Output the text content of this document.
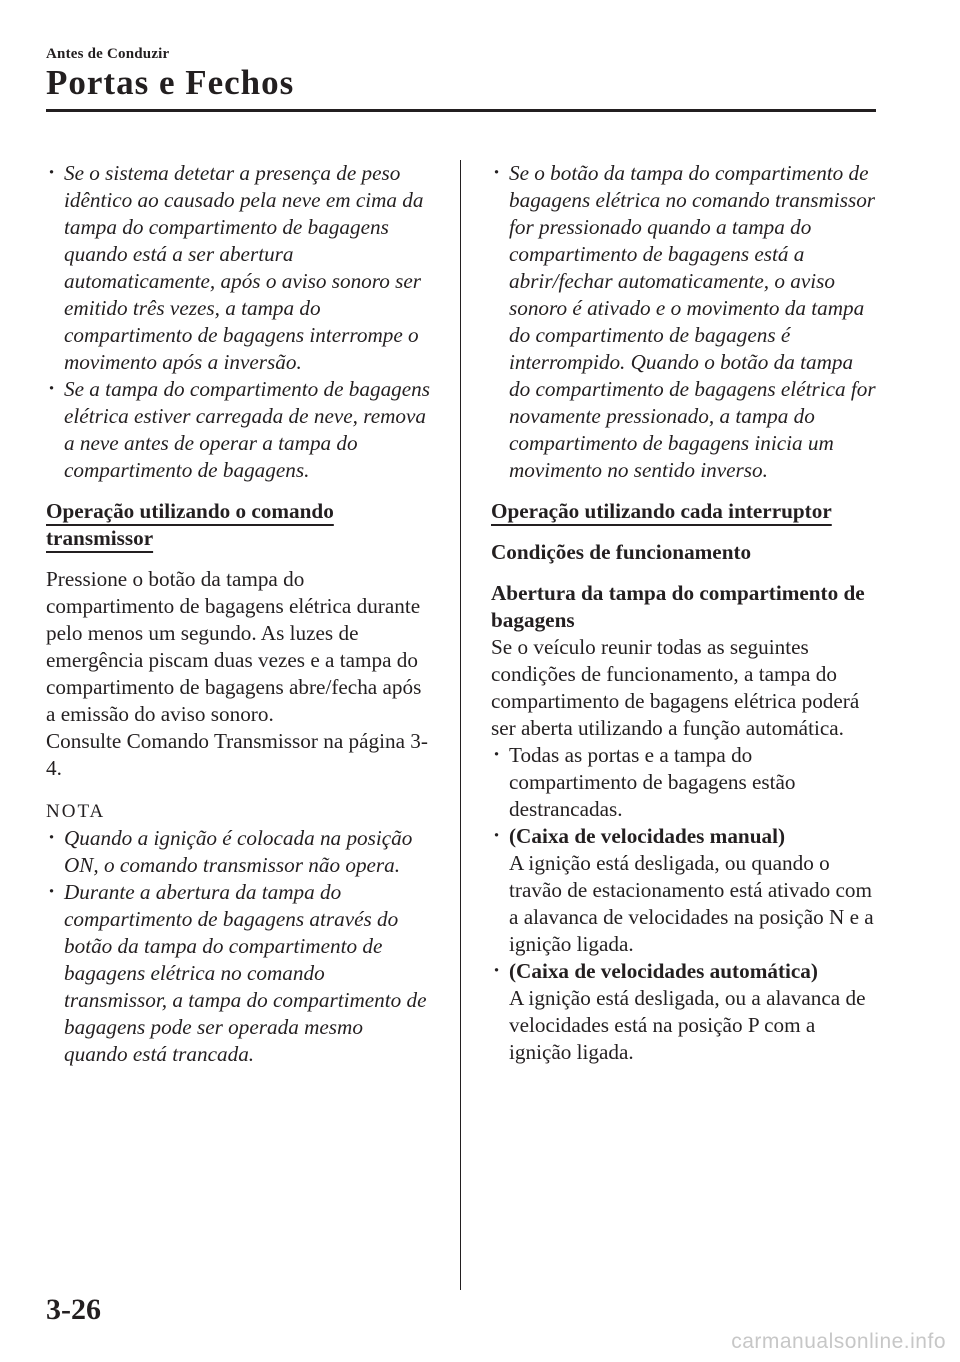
Antes de Conduzir
Portas e Fechos
· Se o sistema detetar a presença de peso idêntico ao causado pela neve em cima da tampa do compartimento de bagagens quando está a ser abertura automaticamente, após o aviso sonoro ser emitido três vezes, a tampa do compartimento de bagagens interrompe o movimento após a inversão.
· Se a tampa do compartimento de bagagens elétrica estiver carregada de neve, remova a neve antes de operar a tampa do compartimento de bagagens.
Operação utilizando o comando transmissor

Pressione o botão da tampa do compartimento de bagagens elétrica durante pelo menos um segundo. As luzes de emergência piscam duas vezes e a tampa do compartimento de bagagens abre/fecha após a emissão do aviso sonoro.

Consulte Comando Transmissor na página 3-4.

NOTA
· Quando a ignição é colocada na posição ON, o comando transmissor não opera.
· Durante a abertura da tampa do compartimento de bagagens através do botão da tampa do compartimento de bagagens elétrica no comando transmissor, a tampa do compartimento de bagagens pode ser operada mesmo quando está trancada.
· Se o botão da tampa do compartimento de bagagens elétrica no comando transmissor for pressionado quando a tampa do compartimento de bagagens está a abrir/fechar automaticamente, o aviso sonoro é ativado e o movimento da tampa do compartimento de bagagens é interrompido. Quando o botão da tampa do compartimento de bagagens elétrica for novamente pressionado, a tampa do compartimento de bagagens inicia um movimento no sentido inverso.
Operação utilizando cada interruptor

Condições de funcionamento

Abertura da tampa do compartimento de bagagens

Se o veículo reunir todas as seguintes condições de funcionamento, a tampa do compartimento de bagagens elétrica poderá ser aberta utilizando a função automática.

· Todas as portas e a tampa do compartimento de bagagens estão destrancadas.
· (Caixa de velocidades manual)
A ignição está desligada, ou quando o travão de estacionamento está ativado com a alavanca de velocidades na posição N e a ignição ligada.
· (Caixa de velocidades automática)
A ignição está desligada, ou a alavanca de velocidades está na posição P com a ignição ligada.
3-26
carmanualsonline.info
